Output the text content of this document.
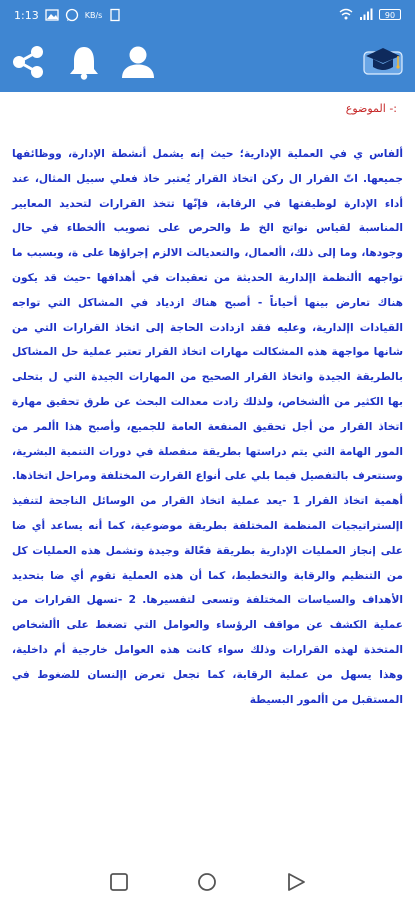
1:13	KB/s	90
:- الموضوع
ألفاس ي في العملية الإدارية؛ حيث إنه يشمل أنشطة الإدارة، ووظائفها جميعها. اتّ القرار ال ركن اتخاذ القرار يُعتبر خاذ فعلي سبيل المثال، عند أداء الإدارة لوظيفتها في الرقابة، فإنّها تتخذ القرارات لتحديد المعايير المناسبة لقياس نواتج الخ ط والحرص على تصويب األخطاء في حال وجودها، وما إلى ذلك، األعمال، والتعديالت الالزم إجراؤها على ة، وبسبب ما تواجهه األنظمة اإلدارية الحديثة من تعقيدات في أهدافها -حيث قد يكون هناك تعارض بينها أحياناً - أصبح هناك ازدياد في المشاكل التي تواجه القيادات اإلدارية، وعليه فقد ازدادت الحاجة إلى اتخاذ القرارات التي من شانها مواجهة هذه المشكالت مهارات اتخاذ القرار تعتبر عملية حل المشاكل بالطريقة الجيدة واتخاذ القرار الصحيح من المهارات الجيدة التي ل بتحلى بها الكثير من األشخاص، ولذلك زادت معدالت البحث عن طرق تحقيق مهارة اتخاذ القرار من أجل تحقيق المنفعة العامة للجميع، وأصبح هذا األمر من المور الهامة التي يتم دراستها بطريقة منفصلة في دورات التنمية البشرية، وسنتعرف بالتفصيل فيما بلي على أنواع القرارت المختلفة ومراحل اتخاذها. أهمية اتخاذ القرار 1 -يعد عملية اتخاذ القرار من الوسائل الناجحة لتنفيذ اإلستراتيجيات المنظمة المختلفة بطريقة موضوعية، كما أنه يساعد أي ضا على إنجاز العمليات الإدارية بطريقة فعّالة وجيدة وتشمل هذه العمليات كل من التنظيم والرقابة والتخطيط، كما أن هذه العملية تقوم أي ضا بتحديد الأهداف والسياسات المختلفة وتسعى لتفسيرها. 2 -تسهل القرارات من عملية الكشف عن مواقف الرؤساء والعوامل التي تضغط على األشخاص المتخذة لهذه القرارات وذلك سواء كانت هذه العوامل خارجية أم داخلية، وهذا يسهل من عملية الرقابة، كما تجعل تعرض اإلنسان للضغوط في المستقبل من األمور البسيطة
